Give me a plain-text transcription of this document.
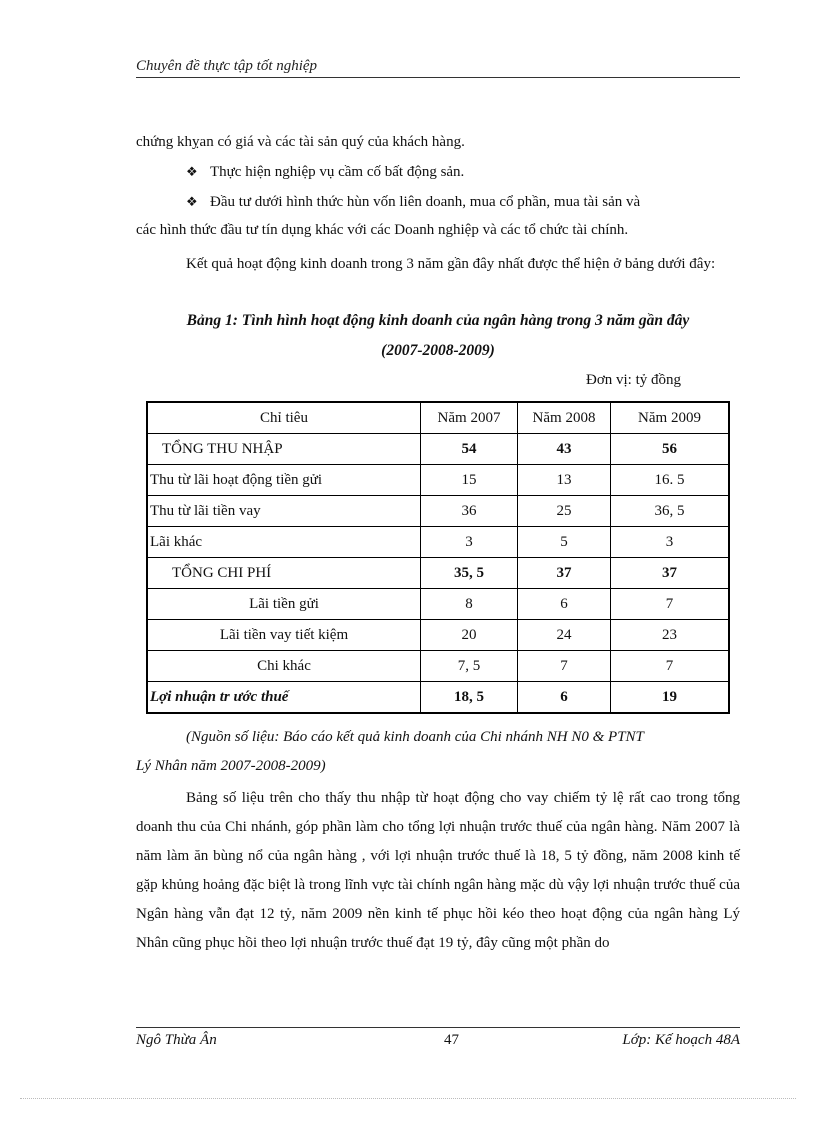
Chuyên đề thực tập tốt nghiệp
chứng khỵan có giá và các tài sản quý của khách hàng.
❖ Thực hiện nghiệp vụ cầm cố bất động sản.
❖ Đầu tư dưới hình thức hùn vốn liên doanh, mua cổ phần, mua tài sản và
các hình thức đầu tư tín dụng khác với các Doanh nghiệp và các tổ chức tài chính.
Kết quả hoạt động kinh doanh trong 3 năm gần đây nhất được thể hiện ở bảng dưới đây:
Bảng 1: Tình hình hoạt động kinh doanh của ngân hàng trong 3 năm gần đây
(2007-2008-2009)
Đơn vị: tỷ đồng
Chỉ tiêu	Năm 2007	Năm 2008	Năm 2009
TỔNG THU NHẬP	54	43	56
Thu từ lãi hoạt động tiền gửi	15	13	16. 5
Thu từ lãi tiền vay	36	25	36, 5
Lãi khác	3	5	3
TỔNG CHI PHÍ	35, 5	37	37
Lãi tiền gửi	8	6	7
Lãi tiền vay tiết kiệm	20	24	23
Chi khác	7, 5	7	7
Lợi nhuận tr ước thuế	18, 5	6	19
(Nguồn số liệu: Báo cáo kết quả kinh doanh của Chi nhánh NH N0 & PTNT
Lý Nhân năm 2007-2008-2009)
Bảng số liệu trên cho thấy thu nhập từ hoạt động cho vay chiếm tỷ lệ rất cao trong tổng doanh thu của Chi nhánh, góp phần làm cho tổng lợi nhuận trước thuế của ngân hàng. Năm 2007 là năm làm ăn bùng nổ của ngân hàng , với lợi nhuận trước thuế là 18, 5 tỷ đồng, năm 2008 kinh tế gặp khủng hoảng đặc biệt là trong lĩnh vực tài chính ngân hàng mặc dù vậy lợi nhuận trước thuế của Ngân hàng vẫn đạt 12 tỷ, năm 2009 nền kinh tế phục hồi kéo theo hoạt động của ngân hàng Lý Nhân cũng phục hồi theo lợi nhuận trước thuế đạt 19 tỷ, đây cũng một phần do
Ngô Thừa Ân	47	Lớp: Kế hoạch 48A
